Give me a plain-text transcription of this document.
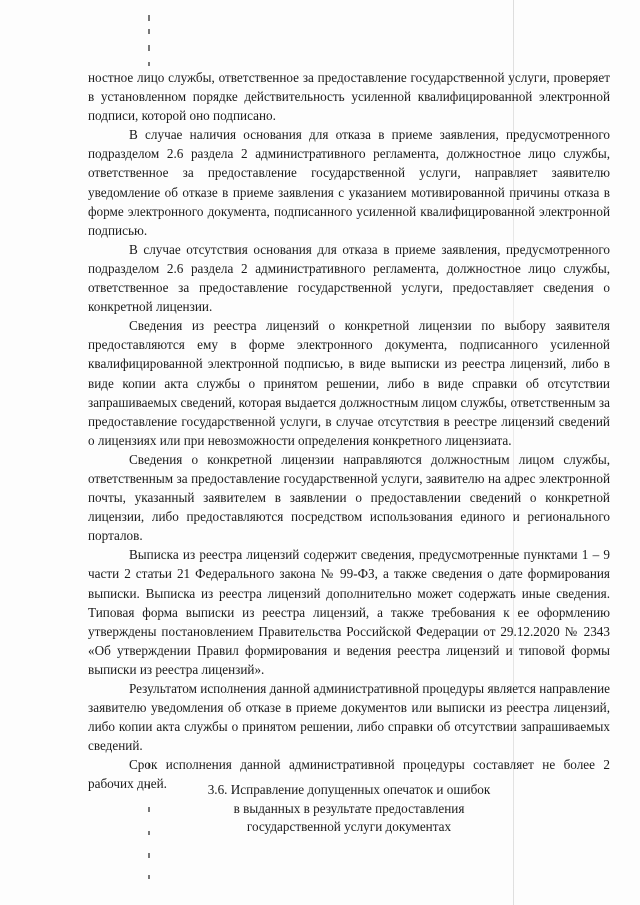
ностное лицо службы, ответственное за предоставление государственной услуги, проверяет в установленном порядке действительность усиленной квалифицированной электронной подписи, которой оно подписано.

В случае наличия основания для отказа в приеме заявления, предусмотренного подразделом 2.6 раздела 2 административного регламента, должностное лицо службы, ответственное за предоставление государственной услуги, направляет заявителю уведомление об отказе в приеме заявления с указанием мотивированной причины отказа в форме электронного документа, подписанного усиленной квалифицированной электронной подписью.

В случае отсутствия основания для отказа в приеме заявления, предусмотренного подразделом 2.6 раздела 2 административного регламента, должностное лицо службы, ответственное за предоставление государственной услуги, предоставляет сведения о конкретной лицензии.

Сведения из реестра лицензий о конкретной лицензии по выбору заявителя предоставляются ему в форме электронного документа, подписанного усиленной квалифицированной электронной подписью, в виде выписки из реестра лицензий, либо в виде копии акта службы о принятом решении, либо в виде справки об отсутствии запрашиваемых сведений, которая выдается должностным лицом службы, ответственным за предоставление государственной услуги, в случае отсутствия в реестре лицензий сведений о лицензиях или при невозможности определения конкретного лицензиата.

Сведения о конкретной лицензии направляются должностным лицом службы, ответственным за предоставление государственной услуги, заявителю на адрес электронной почты, указанный заявителем в заявлении о предоставлении сведений о конкретной лицензии, либо предоставляются посредством использования единого и регионального порталов.

Выписка из реестра лицензий содержит сведения, предусмотренные пунктами 1 – 9 части 2 статьи 21 Федерального закона № 99-ФЗ, а также сведения о дате формирования выписки. Выписка из реестра лицензий дополнительно может содержать иные сведения. Типовая форма выписки из реестра лицензий, а также требования к ее оформлению утверждены постановлением Правительства Российской Федерации от 29.12.2020 № 2343 «Об утверждении Правил формирования и ведения реестра лицензий и типовой формы выписки из реестра лицензий».

Результатом исполнения данной административной процедуры является направление заявителю уведомления об отказе в приеме документов или выписки из реестра лицензий, либо копии акта службы о принятом решении, либо справки об отсутствии запрашиваемых сведений.

Срок исполнения данной административной процедуры составляет не более 2 рабочих дней.	3.6. Исправление допущенных опечаток и ошибок
в выданных в результате предоставления
государственной услуги документах
